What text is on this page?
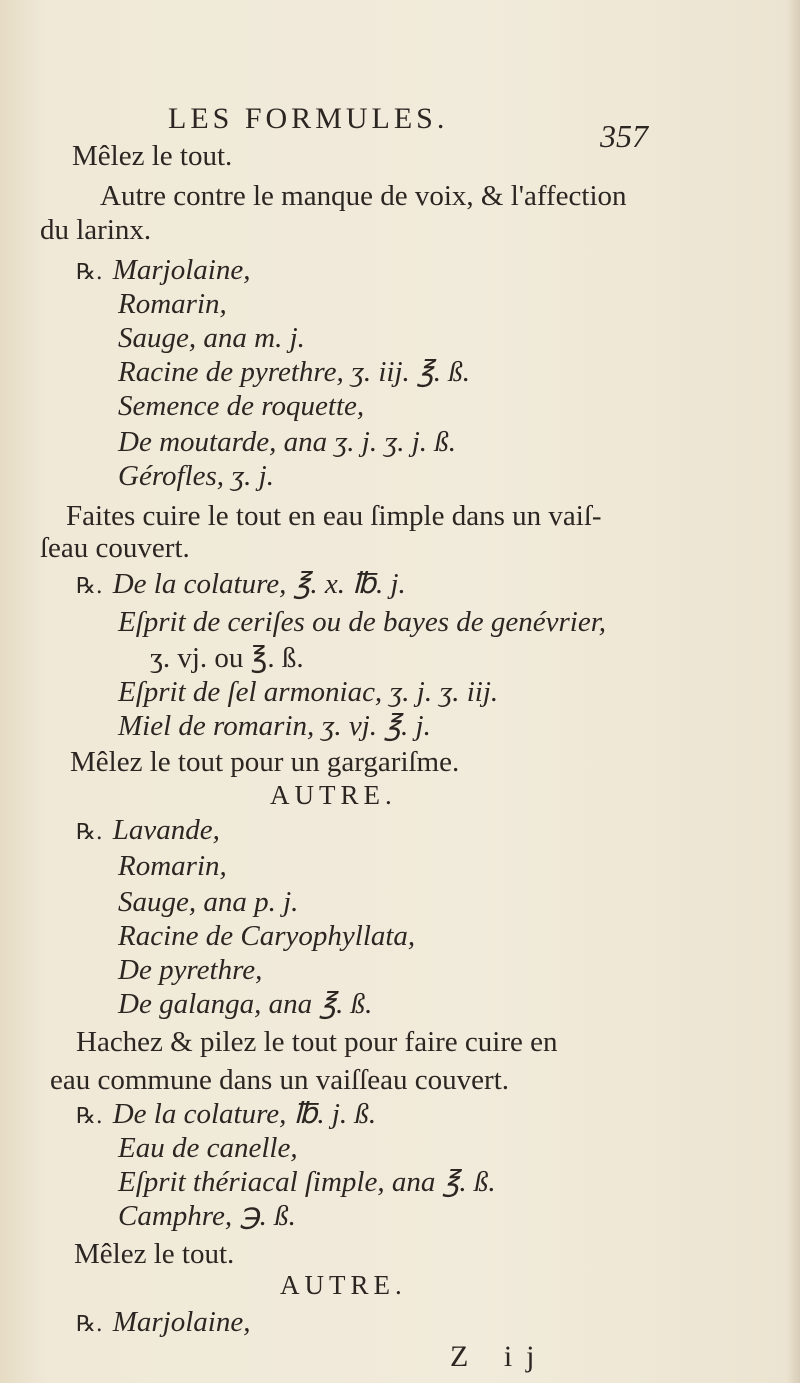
LES FORMULES.	357
Mêlez le tout.
Autre contre le manque de voix, & l'affection
du larinx.
℞. Marjolaine,
Romarin,
Sauge, ana m. j.
Racine de pyrethre, ʒ. iij. ℥. ß.
Semence de roquette,
De moutarde, ana ʒ. j. ʒ. j. ß.
Gérofles, ʒ. j.
Faites cuire le tout en eau ſimple dans un vaiſ-
ſeau couvert.
℞. De la colature, ℥. x. ℔. j.
Eſprit de ceriſes ou de bayes de genévrier,
ʒ. vj. ou ℥. ß.
Eſprit de ſel armoniac, ʒ. j. ʒ. iij.
Miel de romarin, ʒ. vj. ℥. j.
Mêlez le tout pour un gargariſme.
AUTRE.
℞. Lavande,
Romarin,
Sauge, ana p. j.
Racine de Caryophyllata,
De pyrethre,
De galanga, ana ℥. ß.
Hachez & pilez le tout pour faire cuire en
eau commune dans un vaiſſeau couvert.
℞. De la colature, ℔. j. ß.
Eau de canelle,
Eſprit thériacal ſimple, ana ℥. ß.
Camphre, ℈. ß.
Mêlez le tout.
AUTRE.
℞. Marjolaine,
Z ij
